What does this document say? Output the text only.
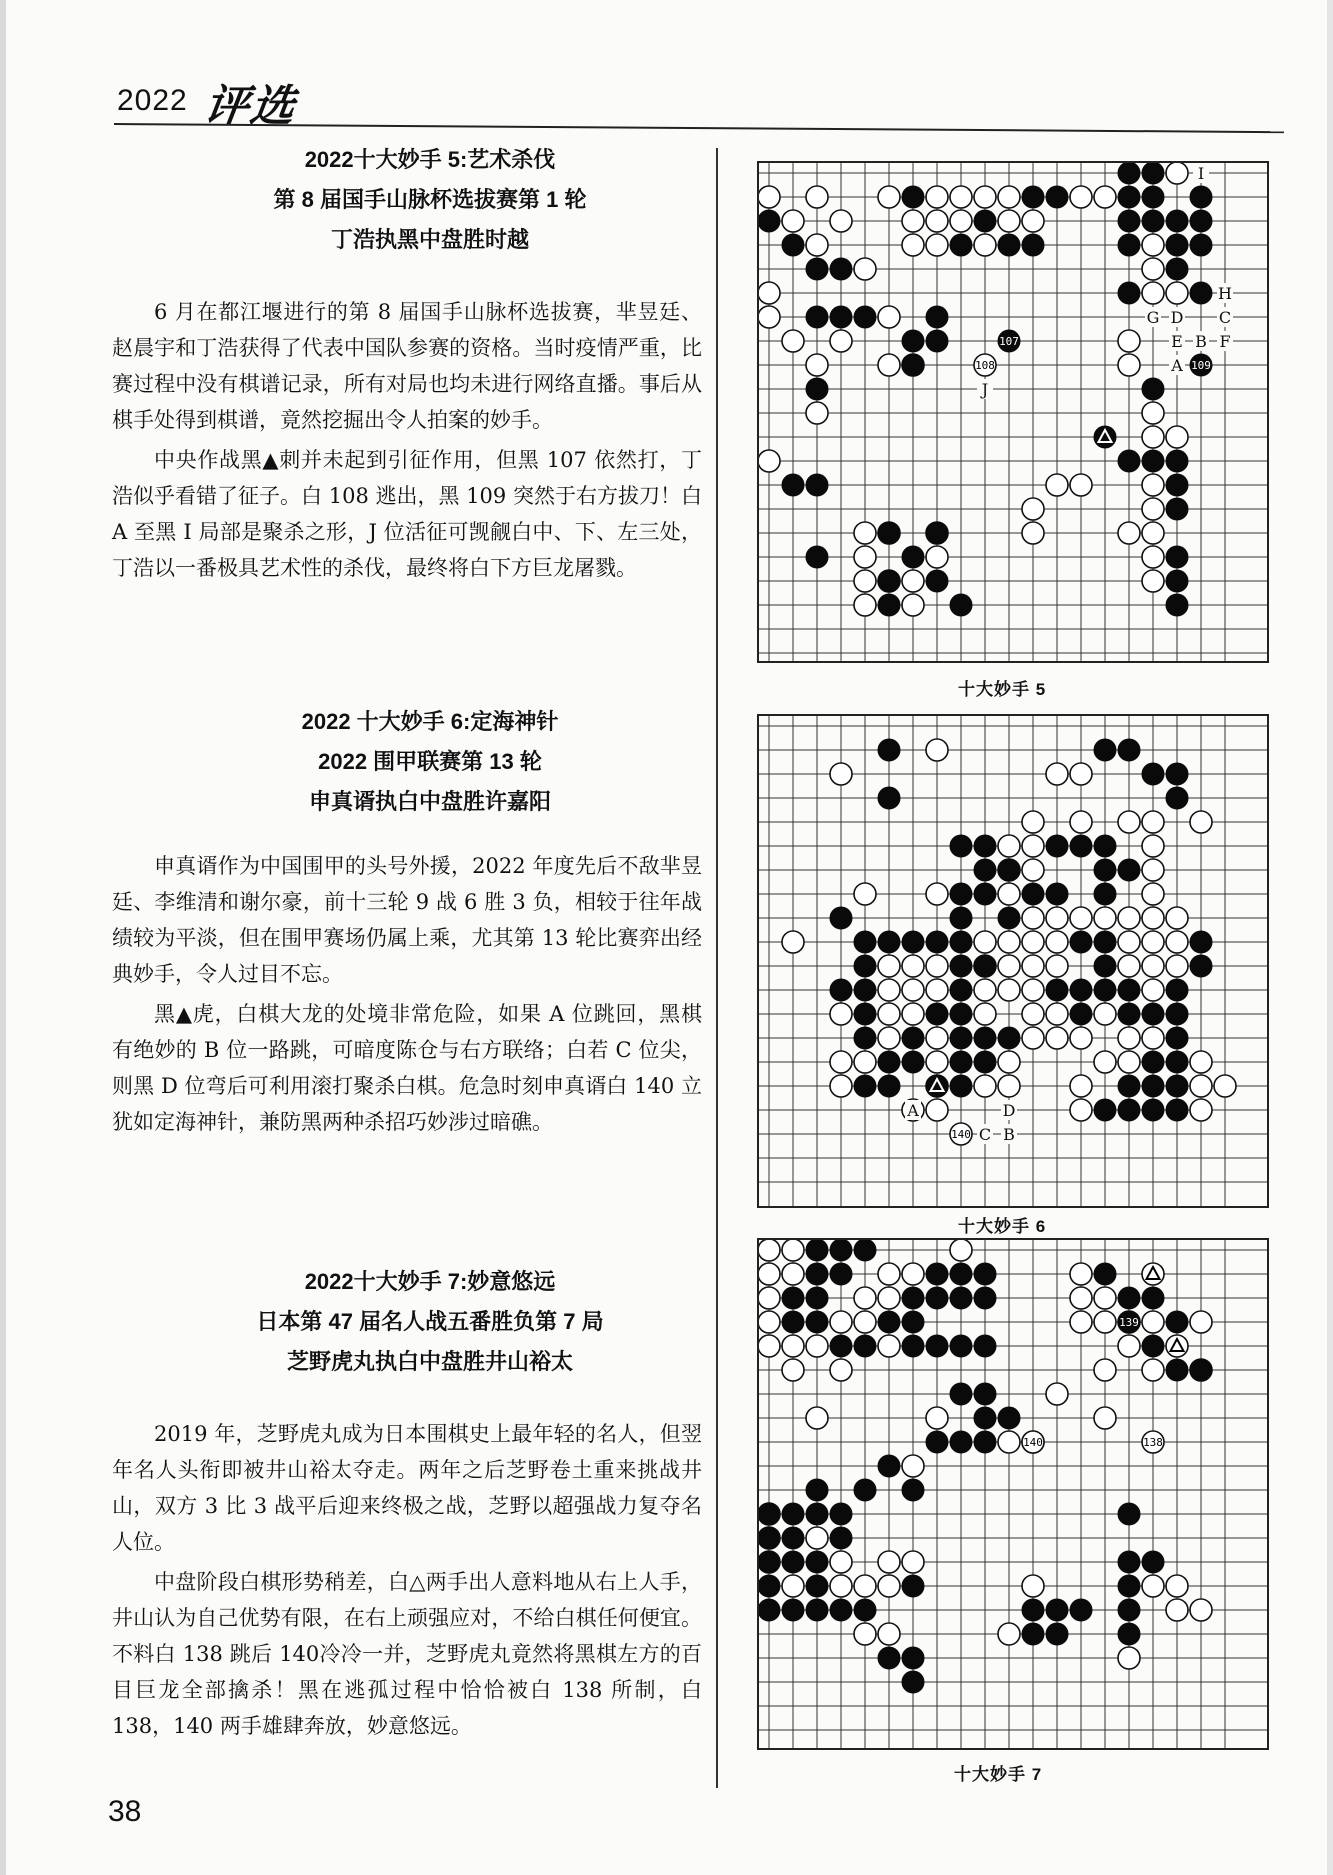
2022 评选
2022十大妙手 5:艺术杀伐
第 8 届国手山脉杯选拔赛第 1 轮
丁浩执黑中盘胜时越

6 月在都江堰进行的第 8 届国手山脉杯选拔赛，芈昱廷、赵晨宇和丁浩获得了代表中国队参赛的资格。当时疫情严重，比赛过程中没有棋谱记录，所有对局也均未进行网络直播。事后从棋手处得到棋谱，竟然挖掘出令人拍案的妙手。

中央作战黑▲刺并未起到引征作用，但黑 107 依然打，丁浩似乎看错了征子。白 108 逃出，黑 109 突然于右方拔刀！白 A 至黑 I 局部是聚杀之形，J 位活征可觊觎白中、下、左三处，丁浩以一番极具艺术性的杀伐，最终将白下方巨龙屠戮。

2022 十大妙手 6:定海神针
2022 围甲联赛第 13 轮
申真谞执白中盘胜许嘉阳

申真谞作为中国围甲的头号外援，2022 年度先后不敌芈昱廷、李维清和谢尔豪，前十三轮 9 战 6 胜 3 负，相较于往年战绩较为平淡，但在围甲赛场仍属上乘，尤其第 13 轮比赛弈出经典妙手，令人过目不忘。

黑▲虎，白棋大龙的处境非常危险，如果 A 位跳回，黑棋有绝妙的 B 位一路跳，可暗度陈仓与右方联络；白若 C 位尖，则黑 D 位弯后可利用滚打聚杀白棋。危急时刻申真谞白 140 立犹如定海神针，兼防黑两种杀招巧妙涉过暗礁。

2022十大妙手 7:妙意悠远
日本第 47 届名人战五番胜负第 7 局
芝野虎丸执白中盘胜井山裕太

2019 年，芝野虎丸成为日本围棋史上最年轻的名人，但翌年名人头衔即被井山裕太夺走。两年之后芝野卷土重来挑战井山，双方 3 比 3 战平后迎来终极之战，芝野以超强战力复夺名人位。

中盘阶段白棋形势稍差，白△两手出人意料地从右上人手，井山认为自己优势有限，在右上顽强应对，不给白棋任何便宜。不料白 138 跳后 140冷冷一并，芝野虎丸竟然将黑棋左方的百目巨龙全部擒杀！黑在逃孤过程中恰恰被白 138 所制，白 138，140 两手雄肆奔放，妙意悠远。

38
107
108	109
I
H
G D C
E B F
A
J
十大妙手 5
140
A	D
C B
十大妙手 6
139
140	138
十大妙手 7
